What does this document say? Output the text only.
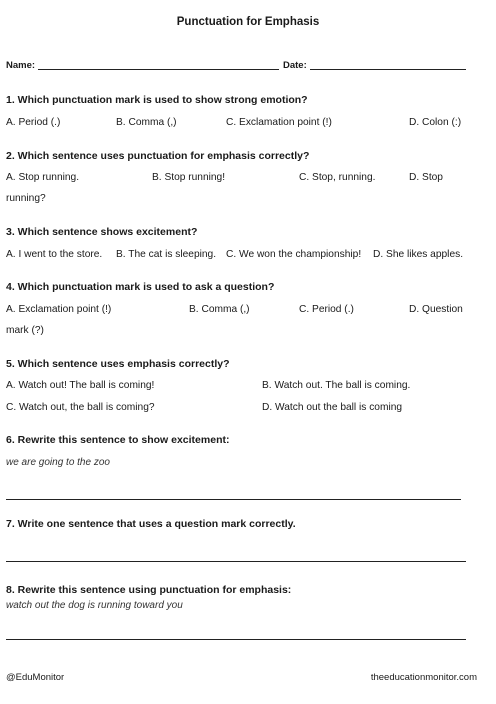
Punctuation for Emphasis
Name:	Date:
1. Which punctuation mark is used to show strong emotion?
A. Period (.)	B. Comma (,)	C. Exclamation point (!)	D. Colon (:)
2. Which sentence uses punctuation for emphasis correctly?
A. Stop running.	B. Stop running!	C. Stop, running.	D. Stop
running?
3. Which sentence shows excitement?
A. I went to the store. B. The cat is sleeping. C. We won the championship! D. She likes apples.
4. Which punctuation mark is used to ask a question?
A. Exclamation point (!)	B. Comma (,)	C. Period (.)	D. Question
mark (?)
5. Which sentence uses emphasis correctly?
A. Watch out! The ball is coming!	B. Watch out. The ball is coming.
C. Watch out, the ball is coming?	D. Watch out the ball is coming
6. Rewrite this sentence to show excitement:
we are going to the zoo
7. Write one sentence that uses a question mark correctly.
8. Rewrite this sentence using punctuation for emphasis:
watch out the dog is running toward you
@EduMonitor	theeducationmonitor.com
